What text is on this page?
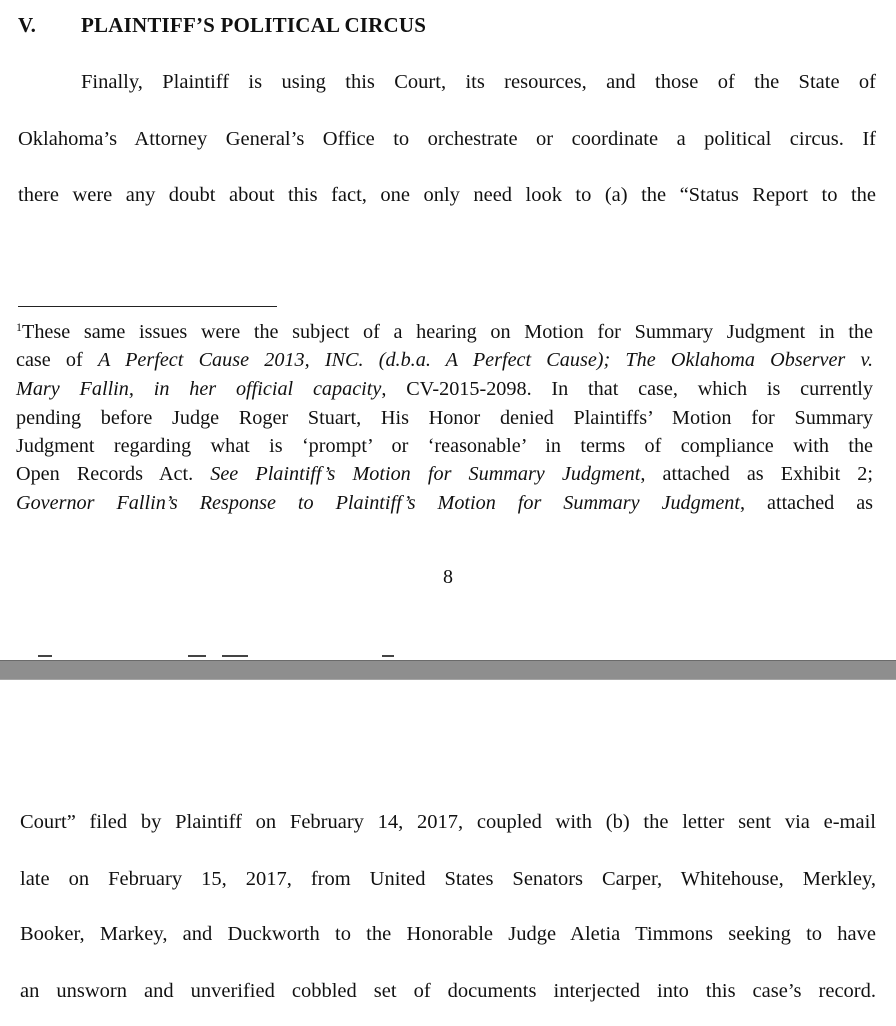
V. PLAINTIFF’S POLITICAL CIRCUS
Finally, Plaintiff is using this Court, its resources, and those of the State of
Oklahoma’s Attorney General’s Office to orchestrate or coordinate a political circus. If
there were any doubt about this fact, one only need look to (a) the “Status Report to the
$^1$These same issues were the subject of a hearing on Motion for Summary Judgment in the
case of A Perfect Cause 2013, INC. (d.b.a. A Perfect Cause); The Oklahoma Observer v.
Mary Fallin, in her official capacity, CV-2015-2098. In that case, which is currently
pending before Judge Roger Stuart, His Honor denied Plaintiffs’ Motion for Summary
Judgment regarding what is ‘prompt’ or ‘reasonable’ in terms of compliance with the
Open Records Act. See Plaintiff’s Motion for Summary Judgment, attached as Exhibit 2;
Governor Fallin’s Response to Plaintiff’s Motion for Summary Judgment, attached as
8
Court” filed by Plaintiff on February 14, 2017, coupled with (b) the letter sent via e-mail
late on February 15, 2017, from United States Senators Carper, Whitehouse, Merkley,
Booker, Markey, and Duckworth to the Honorable Judge Aletia Timmons seeking to have
an unsworn and unverified cobbled set of documents interjected into this case’s record.
